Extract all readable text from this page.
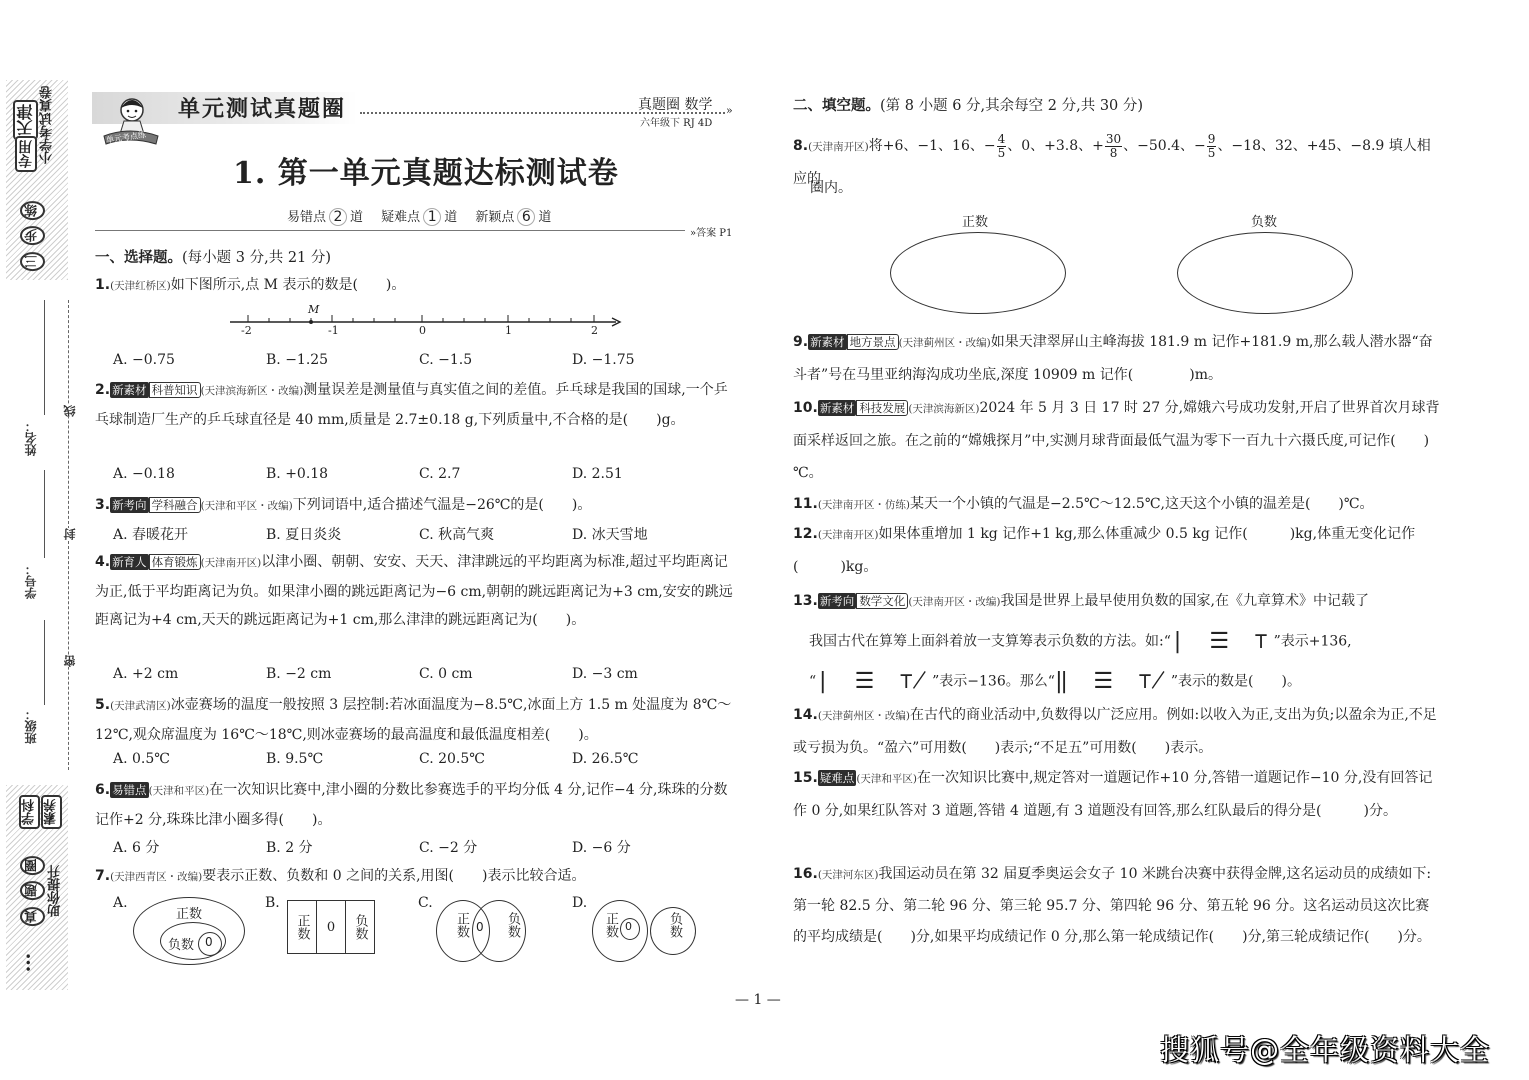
天津 小学考试真卷
三 步 练
专用
班级：
学号：
姓名：
密
封
线
学科 素养
真 题 圈 助你提升
•••
单元考点练
单元测试真题圈	真题圈 数学
六年级下 RJ 4D
»
1. 第一单元真题达标测试卷
易错点 2 道 疑难点 1 道 新颖点 6 道
»答案 P1
一、选择题。(每小题 3 分,共 21 分)
1.(天津红桥区)如下图所示,点 M 表示的数是(　　)。
M
-2	-1	0	1	2
A. −0.75	B. −1.25	C. −1.5	D. −1.75
2. 新素材 科普知识 (天津滨海新区・改编)测量误差是测量值与真实值之间的差值。乒乓球是我国的国球,一个乒乓球制造厂生产的乒乓球直径是 40 mm,质量是 2.7±0.18 g,下列质量中,不合格的是(　　)g。
A. −0.18	B. +0.18	C. 2.7	D. 2.51
3. 新考向 学科融合 (天津和平区・改编)下列词语中,适合描述气温是−26℃的是(　　)。
A. 春暖花开	B. 夏日炎炎	C. 秋高气爽	D. 冰天雪地
4. 新育人 体育锻炼 (天津南开区)以津小圈、朝朝、安安、天天、津津跳远的平均距离为标准,超过平均距离记为正,低于平均距离记为负。如果津小圈的跳远距离记为−6 cm,朝朝的跳远距离记为+3 cm,安安的跳远距离记为+4 cm,天天的跳远距离记为+1 cm,那么津津的跳远距离记为(　　)。
A. +2 cm	B. −2 cm	C. 0 cm	D. −3 cm
5.(天津武清区)冰壶赛场的温度一般按照 3 层控制:若冰面温度为−8.5℃,冰面上方 1.5 m 处温度为 8℃～12℃,观众席温度为 16℃～18℃,则冰壶赛场的最高温度和最低温度相差(　　)。
A. 0.5℃	B. 9.5℃	C. 20.5℃	D. 26.5℃
6. 易错点 (天津和平区)在一次知识比赛中,津小圈的分数比参赛选手的平均分低 4 分,记作−4 分,珠珠的分数记作+2 分,珠珠比津小圈多得(　　)。
A. 6 分	B. 2 分	C. −2 分	D. −6 分
7.(天津西青区・改编)要表示正数、负数和 0 之间的关系,用图(　　)表示比较合适。
A.
正数
负数 0
B.
正数	0	负数
C.
正数 0 负数
D.
正数 0	负数
二、填空题。(第 8 小题 6 分,其余每空 2 分,共 30 分)
8.(天津南开区)将+6、−1、16、− $\frac{4}{5}$ 、0、+3.8、+ $\frac{30}{8}$ 、−50.4、− $\frac{9}{5}$ 、−18、32、+45、−8.9 填人相应的
圈内。
正数	负数
9. 新素材 地方景点 (天津蓟州区・改编)如果天津翠屏山主峰海拔 181.9 m 记作+181.9 m,那么载人潜水器“奋斗者”号在马里亚纳海沟成功坐底,深度 10909 m 记作(　　　　)m。
10. 新素材 科技发展 (天津滨海新区)2024 年 5 月 3 日 17 时 27 分,嫦娥六号成功发射,开启了世界首次月球背面采样返回之旅。在之前的“嫦娥探月”中,实测月球背面最低气温为零下一百九十六摄氏度,可记作(　　)℃。
11.(天津南开区・仿练)某天一个小镇的气温是−2.5℃～12.5℃,这天这个小镇的温差是(　　)℃。
12.(天津南开区)如果体重增加 1 kg 记作+1 kg,那么体重减少 0.5 kg 记作(　　　)kg,体重无变化记作(　　　)kg。
13. 新考向 数学文化 (天津南开区・改编)我国是世界上最早使用负数的国家,在《九章算术》中记载了
我国古代在算筹上面斜着放一支算筹表示负数的方法。如:“| ☰ ⊤”表示+136,
“| ☰ ⊤̸”表示−136。那么“‖ ☰ ⊤̸”表示的数是(　　)。
14.(天津蓟州区・改编)在古代的商业活动中,负数得以广泛应用。例如:以收入为正,支出为负;以盈余为正,不足或亏损为负。“盈六”可用数(　　)表示;“不足五”可用数(　　)表示。
15. 疑难点 (天津和平区)在一次知识比赛中,规定答对一道题记作+10 分,答错一道题记作−10 分,没有回答记作 0 分,如果红队答对 3 道题,答错 4 道题,有 3 道题没有回答,那么红队最后的得分是(　　　)分。
16.(天津河东区)我国运动员在第 32 届夏季奥运会女子 10 米跳台决赛中获得金牌,这名运动员的成绩如下:第一轮 82.5 分、第二轮 96 分、第三轮 95.7 分、第四轮 96 分、第五轮 96 分。这名运动员这次比赛的平均成绩是(　　)分,如果平均成绩记作 0 分,那么第一轮成绩记作(　　)分,第三轮成绩记作(　　)分。
— 1 —
搜狐号@全年级资料大全
